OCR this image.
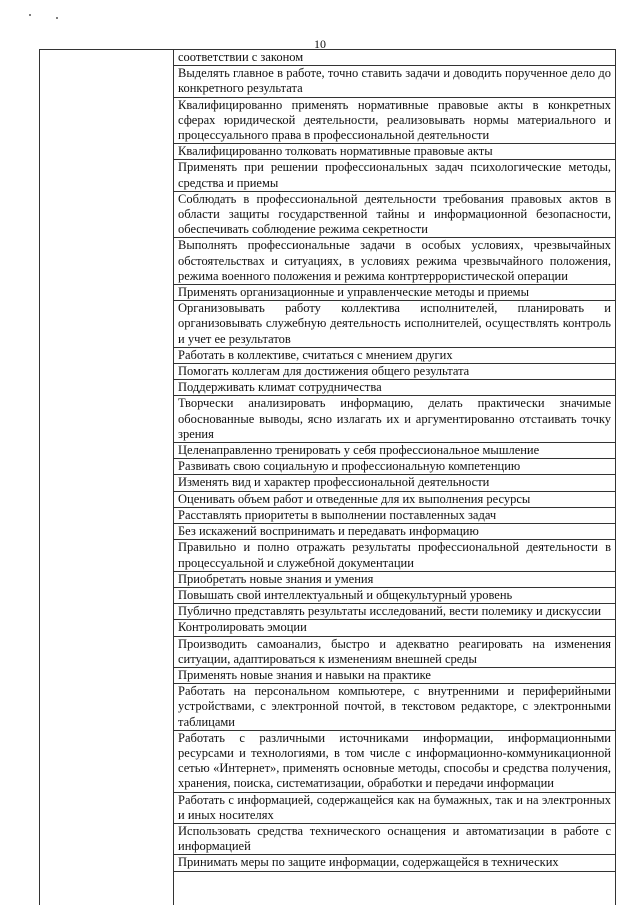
10
соответствии с законом
Выделять главное в работе, точно ставить задачи и доводить порученное дело до конкретного результата
Квалифицированно применять нормативные правовые акты в конкретных сферах юридической деятельности, реализовывать нормы материального и процессуального права в профессиональной деятельности
Квалифицированно толковать нормативные правовые акты
Применять при решении профессиональных задач психологические методы, средства и приемы
Соблюдать в профессиональной деятельности требования правовых актов в области защиты государственной тайны и информационной безопасности, обеспечивать соблюдение режима секретности
Выполнять профессиональные задачи в особых условиях, чрезвычайных обстоятельствах и ситуациях, в условиях режима чрезвычайного положения, режима военного положения и режима контртеррористической операции
Применять организационные и управленческие методы и приемы
Организовывать работу коллектива исполнителей, планировать и организовывать служебную деятельность исполнителей, осуществлять контроль и учет ее результатов
Работать в коллективе, считаться с мнением других
Помогать коллегам для достижения общего результата
Поддерживать климат сотрудничества
Творчески анализировать информацию, делать практически значимые обоснованные выводы, ясно излагать их и аргументированно отстаивать точку зрения
Целенаправленно тренировать у себя профессиональное мышление
Развивать свою социальную и профессиональную компетенцию
Изменять вид и характер профессиональной деятельности
Оценивать объем работ и отведенные для их выполнения ресурсы
Расставлять приоритеты в выполнении поставленных задач
Без искажений воспринимать и передавать информацию
Правильно и полно отражать результаты профессиональной деятельности в процессуальной и служебной документации
Приобретать новые знания и умения
Повышать свой интеллектуальный и общекультурный уровень
Публично представлять результаты исследований, вести полемику и дискуссии
Контролировать эмоции
Производить самоанализ, быстро и адекватно реагировать на изменения ситуации, адаптироваться к изменениям внешней среды
Применять новые знания и навыки на практике
Работать на персональном компьютере, с внутренними и периферийными устройствами, с электронной почтой, в текстовом редакторе, с электронными таблицами
Работать с различными источниками информации, информационными ресурсами и технологиями, в том числе с информационно-коммуникационной сетью «Интернет», применять основные методы, способы и средства получения, хранения, поиска, систематизации, обработки и передачи информации
Работать с информацией, содержащейся как на бумажных, так и на электронных и иных носителях
Использовать средства технического оснащения и автоматизации в работе с информацией
Принимать меры по защите информации, содержащейся в технических
